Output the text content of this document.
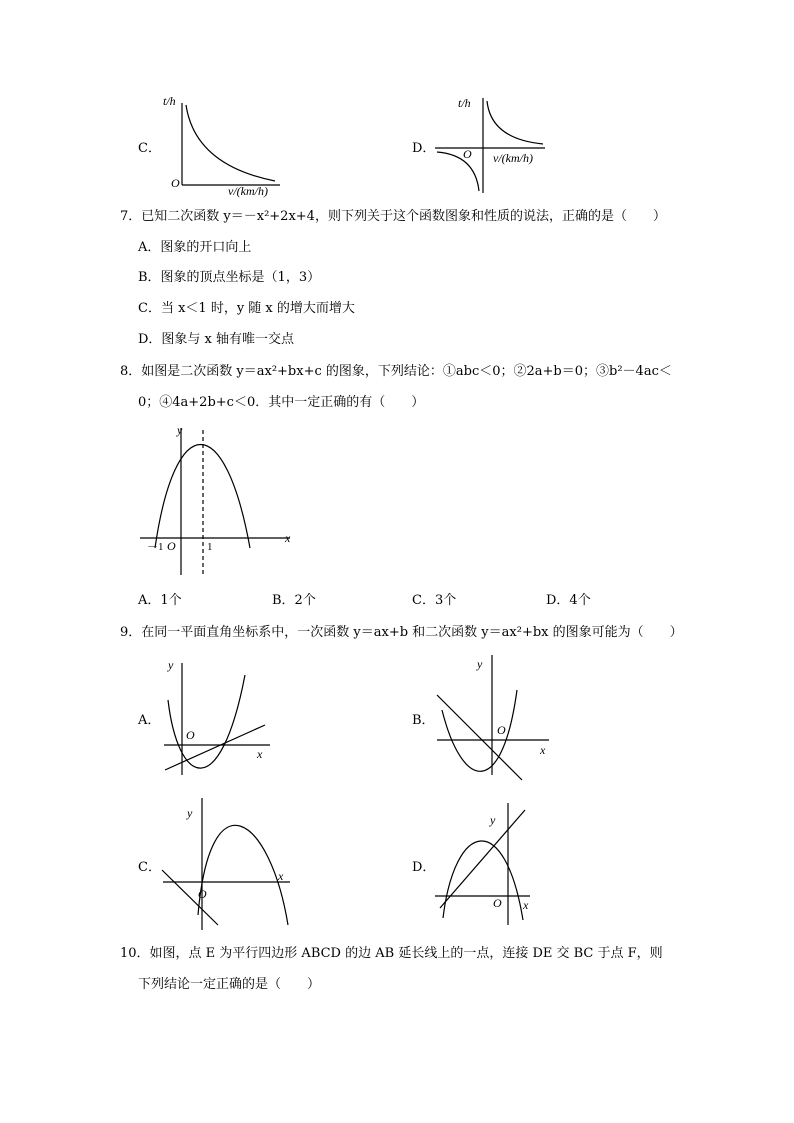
C．
t/h
O
v/(km/h)
D．
t/h
O v/(km/h)
7．已知二次函数 y＝－x²+2x+4，则下列关于这个函数图象和性质的说法，正确的是（　　）
A．图象的开口向上
B．图象的顶点坐标是（1，3）
C．当 x＜1 时，y 随 x 的增大而增大
D．图象与 x 轴有唯一交点
8．如图是二次函数 y＝ax²+bx+c 的图象，下列结论：①abc＜0；②2a+b＝0；③b²－4ac＜
0；④4a+2b+c＜0．其中一定正确的有（　　）
y
x
O
－1	1
A．1个	B．2个	C．3个	D．4个
9．在同一平面直角坐标系中，一次函数 y＝ax+b 和二次函数 y＝ax²+bx 的图象可能为（　　）
A．
y
x
O
B．
y
x
O
C．
y
x
O
D．
y
x
O
10．如图，点 E 为平行四边形 ABCD 的边 AB 延长线上的一点，连接 DE 交 BC 于点 F，则
下列结论一定正确的是（　　）
